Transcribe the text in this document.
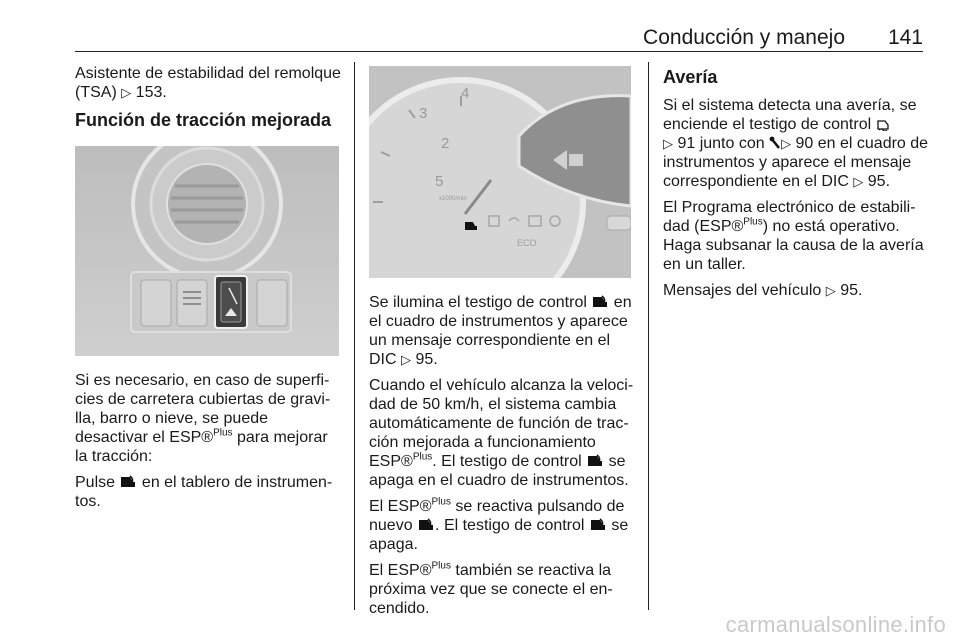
Conducción y manejo 141

Asistente de estabilidad del remolque (TSA) ▷ 153.

Función de tracción mejorada

Si es necesario, en caso de superfi-cies de carretera cubiertas de gravi-lla, barro o nieve, se puede desactivar el ESP®$^{Plus}$ para mejorar la tracción:

Pulse  en el tablero de instrumen-tos.

2
3
4
5
x1000/min
ECO

Se ilumina el testigo de control  en el cuadro de instrumentos y aparece un mensaje correspondiente en el DIC ▷ 95.

Cuando el vehículo alcanza la veloci-dad de 50 km/h, el sistema cambia automáticamente de función de trac-ción mejorada a funcionamiento ESP®$^{Plus}$. El testigo de control  se apaga en el cuadro de instrumentos.

El ESP®$^{Plus}$ se reactiva pulsando de nuevo . El testigo de control  se apaga.

El ESP®$^{Plus}$ también se reactiva la próxima vez que se conecte el en-cendido.

Avería

Si el sistema detecta una avería, se enciende el testigo de control
▷ 91 junto con ▷ 90 en el cuadro de instrumentos y aparece el mensaje correspondiente en el DIC ▷ 95.

El Programa electrónico de estabili-dad (ESP®$^{Plus}$) no está operativo. Haga subsanar la causa de la avería en un taller.

Mensajes del vehículo ▷ 95.

carmanualsonline.info
